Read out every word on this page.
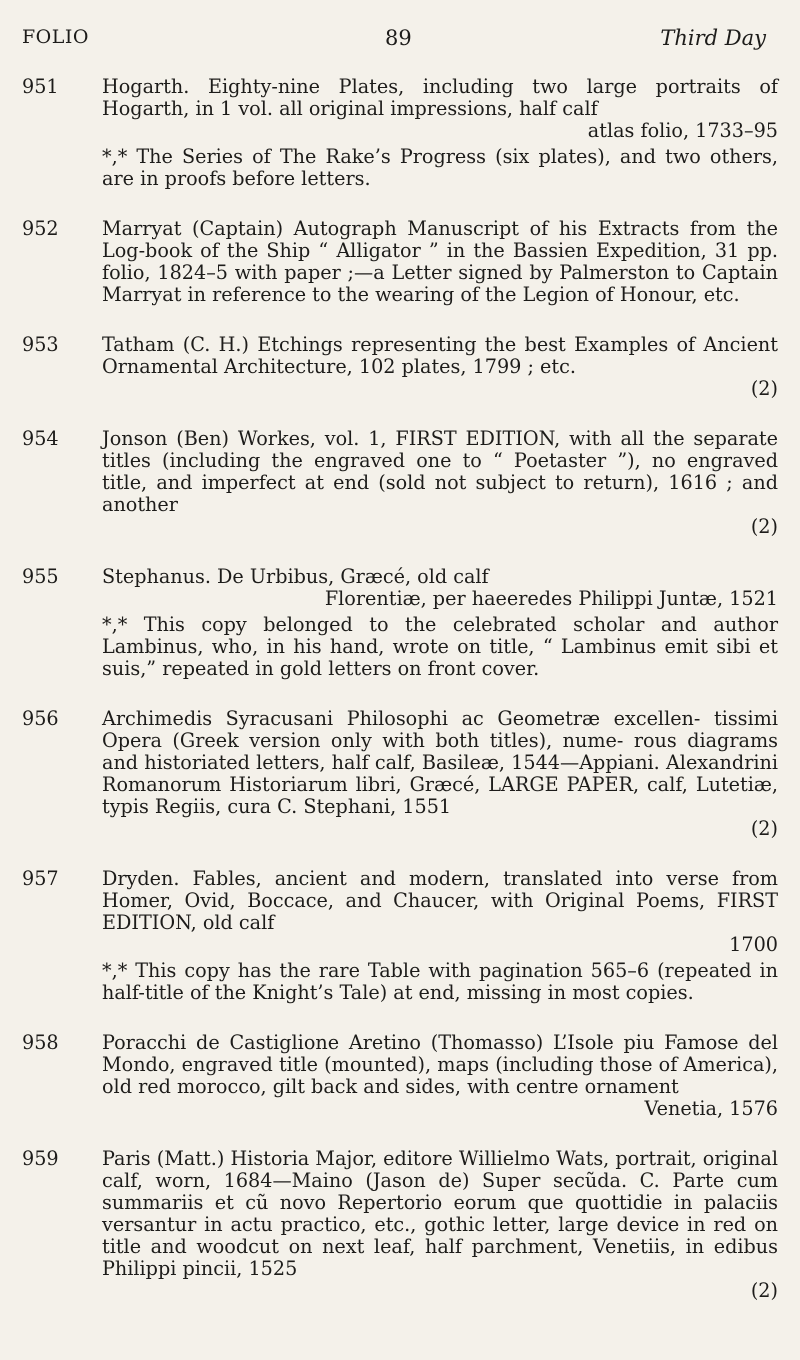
FOLIO	89	Third Day
951	Hogarth. Eighty-nine Plates, including two large portraits of Hogarth, in 1 vol. all original impressions, half calf

atlas folio, 1733–95

*,* The Series of The Rake’s Progress (six plates), and two others, are in proofs before letters.

952	Marryat (Captain) Autograph Manuscript of his Extracts from the Log-book of the Ship “ Alligator ” in the Bassien Expedition, 31 pp. folio, 1824–5 with paper ;—a Letter signed by Palmerston to Captain Marryat in reference to the wearing of the Legion of Honour, etc.

953	Tatham (C. H.) Etchings representing the best Examples of Ancient Ornamental Architecture, 102 plates, 1799 ; etc.

(2)
954	Jonson (Ben) Workes, vol. 1, FIRST EDITION, with all the separate titles (including the engraved one to “ Poetaster ”), no engraved title, and imperfect at end (sold not subject to return), 1616 ; and another

(2)
955	Stephanus. De Urbibus, Græcé, old calf

Florentiæ, per haeeredes Philippi Juntæ, 1521

*,* This copy belonged to the celebrated scholar and author Lambinus, who, in his hand, wrote on title, “ Lambinus emit sibi et suis,” repeated in gold letters on front cover.

956	Archimedis Syracusani Philosophi ac Geometræ excellen- tissimi Opera (Greek version only with both titles), nume- rous diagrams and historiated letters, half calf, Basileæ, 1544—Appiani. Alexandrini Romanorum Historiarum libri, Græcé, LARGE PAPER, calf, Lutetiæ, typis Regiis, cura C. Stephani, 1551

(2)
957	Dryden. Fables, ancient and modern, translated into verse from Homer, Ovid, Boccace, and Chaucer, with Original Poems, FIRST EDITION, old calf

1700

*,* This copy has the rare Table with pagination 565–6 (repeated in half-title of the Knight’s Tale) at end, missing in most copies.

958	Poracchi de Castiglione Aretino (Thomasso) L’Isole piu Famose del Mondo, engraved title (mounted), maps (including those of America), old red morocco, gilt back and sides, with centre ornament

Venetia, 1576
959	Paris (Matt.) Historia Major, editore Willielmo Wats, portrait, original calf, worn, 1684—Maino (Jason de) Super secũda. C. Parte cum summariis et cũ novo Repertorio eorum que quottidie in palaciis versantur in actu practico, etc., gothic letter, large device in red on title and woodcut on next leaf, half parchment, Venetiis, in edibus Philippi pincii, 1525

(2)
